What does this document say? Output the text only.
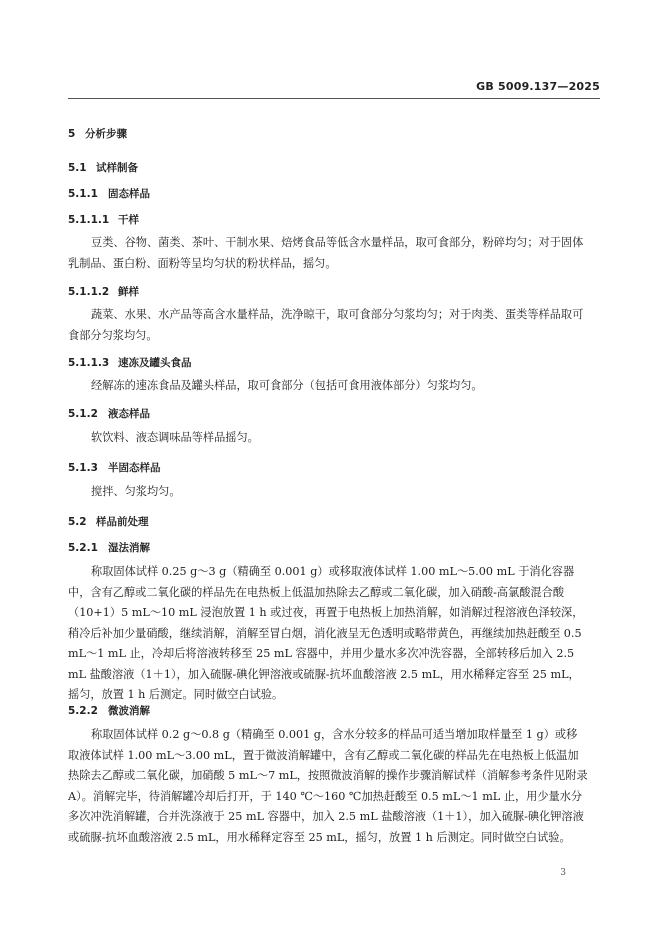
GB 5009.137—2025
5 分析步骤
5.1 试样制备
5.1.1 固态样品
5.1.1.1 干样
豆类、谷物、菌类、茶叶、干制水果、焙烤食品等低含水量样品，取可食部分，粉碎均匀；对于固体乳制品、蛋白粉、面粉等呈均匀状的粉状样品，摇匀。
5.1.1.2 鲜样
蔬菜、水果、水产品等高含水量样品，洗净晾干，取可食部分匀浆均匀；对于肉类、蛋类等样品取可食部分匀浆均匀。
5.1.1.3 速冻及罐头食品
经解冻的速冻食品及罐头样品，取可食部分（包括可食用液体部分）匀浆均匀。
5.1.2 液态样品
软饮料、液态调味品等样品摇匀。
5.1.3 半固态样品
搅拌、匀浆均匀。
5.2 样品前处理
5.2.1 湿法消解
称取固体试样 0.25 g～3 g（精确至 0.001 g）或移取液体试样 1.00 mL～5.00 mL 于消化容器中，含有乙醇或二氧化碳的样品先在电热板上低温加热除去乙醇或二氧化碳，加入硝酸-高氯酸混合酸（10+1）5 mL～10 mL 浸泡放置 1 h 或过夜，再置于电热板上加热消解，如消解过程溶液色泽较深，稍冷后补加少量硝酸，继续消解，消解至冒白烟，消化液呈无色透明或略带黄色，再继续加热赶酸至 0.5 mL～1 mL 止，冷却后将溶液转移至 25 mL 容器中，并用少量水多次冲洗容器，全部转移后加入 2.5 mL 盐酸溶液（1＋1），加入硫脲-碘化钾溶液或硫脲-抗坏血酸溶液 2.5 mL，用水稀释定容至 25 mL，摇匀，放置 1 h 后测定。同时做空白试验。
5.2.2 微波消解
称取固体试样 0.2 g～0.8 g（精确至 0.001 g，含水分较多的样品可适当增加取样量至 1 g）或移取液体试样 1.00 mL～3.00 mL，置于微波消解罐中，含有乙醇或二氧化碳的样品先在电热板上低温加热除去乙醇或二氧化碳，加硝酸 5 mL～7 mL，按照微波消解的操作步骤消解试样（消解参考条件见附录 A）。消解完毕，待消解罐冷却后打开，于 140 ℃～160 ℃加热赶酸至 0.5 mL～1 mL 止，用少量水分多次冲洗消解罐，合并洗涤液于 25 mL 容器中，加入 2.5 mL 盐酸溶液（1＋1），加入硫脲-碘化钾溶液或硫脲-抗坏血酸溶液 2.5 mL，用水稀释定容至 25 mL，摇匀，放置 1 h 后测定。同时做空白试验。
3
